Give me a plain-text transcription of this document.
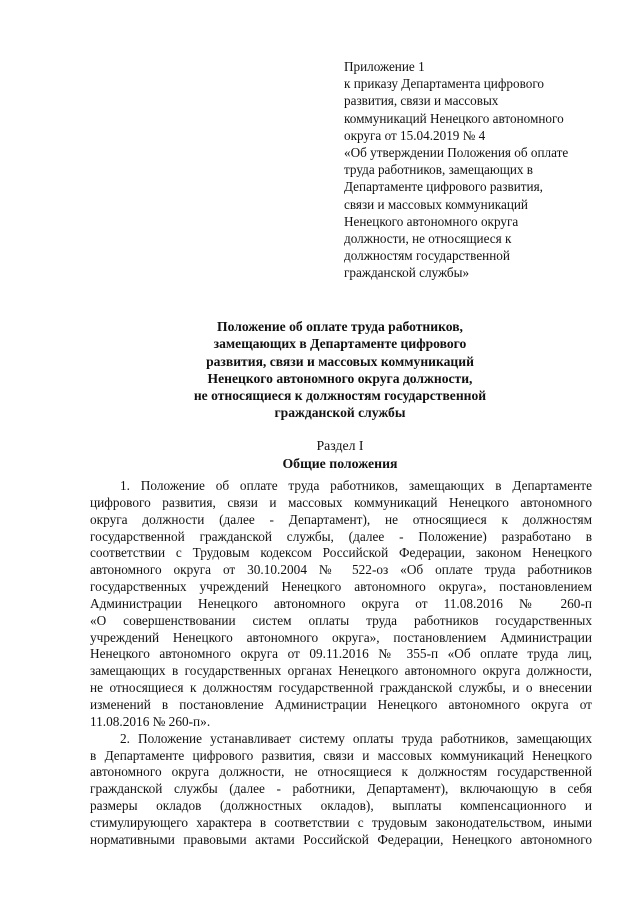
Приложение 1
к приказу Департамента цифрового
развития, связи и массовых
коммуникаций Ненецкого автономного
округа от 15.04.2019 № 4
«Об утверждении Положения об оплате
труда работников, замещающих в
Департаменте цифрового развития,
связи и массовых коммуникаций
Ненецкого автономного округа
должности, не относящиеся к
должностям государственной
гражданской службы»
Положение об оплате труда работников,
замещающих в Департаменте цифрового
развития, связи и массовых коммуникаций
Ненецкого автономного округа должности,
не относящиеся к должностям государственной
гражданской службы
Раздел I
Общие положения
1. Положение об оплате труда работников, замещающих в Департаменте
цифрового развития, связи и массовых коммуникаций Ненецкого автономного
округа должности (далее - Департамент), не относящиеся к должностям
государственной гражданской службы, (далее - Положение) разработано в
соответствии с Трудовым кодексом Российской Федерации, законом Ненецкого
автономного округа от 30.10.2004 № 522-оз «Об оплате труда работников
государственных учреждений Ненецкого автономного округа», постановлением
Администрации Ненецкого автономного округа от 11.08.2016 № 260-п
«О совершенствовании систем оплаты труда работников государственных
учреждений Ненецкого автономного округа», постановлением Администрации
Ненецкого автономного округа от 09.11.2016 № 355-п «Об оплате труда лиц,
замещающих в государственных органах Ненецкого автономного округа должности,
не относящиеся к должностям государственной гражданской службы, и о внесении
изменений в постановление Администрации Ненецкого автономного округа от
11.08.2016 № 260-п».
2. Положение устанавливает систему оплаты труда работников, замещающих
в Департаменте цифрового развития, связи и массовых коммуникаций Ненецкого
автономного округа должности, не относящиеся к должностям государственной
гражданской службы (далее - работники, Департамент), включающую в себя
размеры окладов (должностных окладов), выплаты компенсационного и
стимулирующего характера в соответствии с трудовым законодательством, иными
нормативными правовыми актами Российской Федерации, Ненецкого автономного
